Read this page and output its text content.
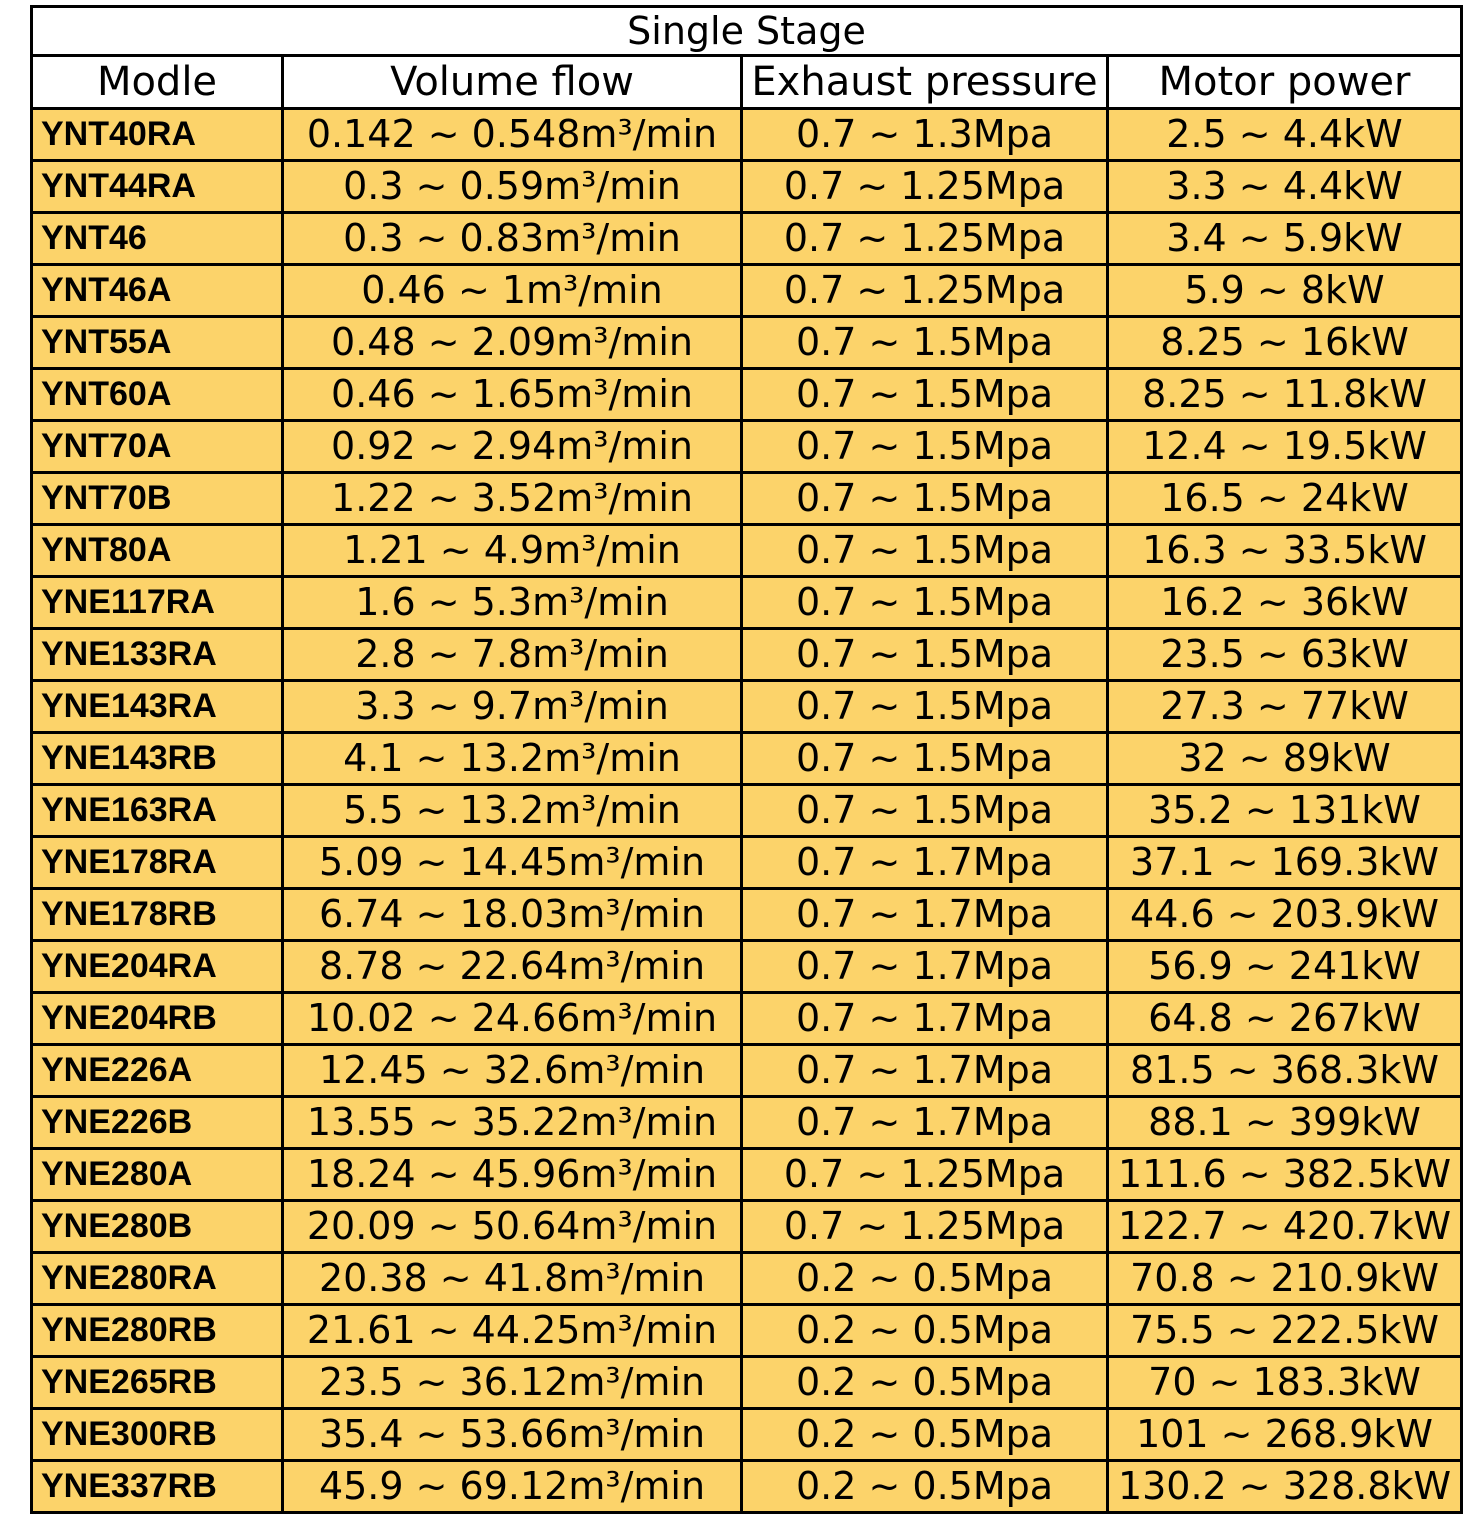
Single Stage			
Modle	Volume flow	Exhaust pressure	Motor power
YNT40RA	0.142 ~ 0.548m³/min	0.7 ~ 1.3Mpa	2.5 ~ 4.4kW
YNT44RA	0.3 ~ 0.59m³/min	0.7 ~ 1.25Mpa	3.3 ~ 4.4kW
YNT46	0.3 ~ 0.83m³/min	0.7 ~ 1.25Mpa	3.4 ~ 5.9kW
YNT46A	0.46 ~ 1m³/min	0.7 ~ 1.25Mpa	5.9 ~ 8kW
YNT55A	0.48 ~ 2.09m³/min	0.7 ~ 1.5Mpa	8.25 ~ 16kW
YNT60A	0.46 ~ 1.65m³/min	0.7 ~ 1.5Mpa	8.25 ~ 11.8kW
YNT70A	0.92 ~ 2.94m³/min	0.7 ~ 1.5Mpa	12.4 ~ 19.5kW
YNT70B	1.22 ~ 3.52m³/min	0.7 ~ 1.5Mpa	16.5 ~ 24kW
YNT80A	1.21 ~ 4.9m³/min	0.7 ~ 1.5Mpa	16.3 ~ 33.5kW
YNE117RA	1.6 ~ 5.3m³/min	0.7 ~ 1.5Mpa	16.2 ~ 36kW
YNE133RA	2.8 ~ 7.8m³/min	0.7 ~ 1.5Mpa	23.5 ~ 63kW
YNE143RA	3.3 ~ 9.7m³/min	0.7 ~ 1.5Mpa	27.3 ~ 77kW
YNE143RB	4.1 ~ 13.2m³/min	0.7 ~ 1.5Mpa	32 ~ 89kW
YNE163RA	5.5 ~ 13.2m³/min	0.7 ~ 1.5Mpa	35.2 ~ 131kW
YNE178RA	5.09 ~ 14.45m³/min	0.7 ~ 1.7Mpa	37.1 ~ 169.3kW
YNE178RB	6.74 ~ 18.03m³/min	0.7 ~ 1.7Mpa	44.6 ~ 203.9kW
YNE204RA	8.78 ~ 22.64m³/min	0.7 ~ 1.7Mpa	56.9 ~ 241kW
YNE204RB	10.02 ~ 24.66m³/min	0.7 ~ 1.7Mpa	64.8 ~ 267kW
YNE226A	12.45 ~ 32.6m³/min	0.7 ~ 1.7Mpa	81.5 ~ 368.3kW
YNE226B	13.55 ~ 35.22m³/min	0.7 ~ 1.7Mpa	88.1 ~ 399kW
YNE280A	18.24 ~ 45.96m³/min	0.7 ~ 1.25Mpa	111.6 ~ 382.5kW
YNE280B	20.09 ~ 50.64m³/min	0.7 ~ 1.25Mpa	122.7 ~ 420.7kW
YNE280RA	20.38 ~ 41.8m³/min	0.2 ~ 0.5Mpa	70.8 ~ 210.9kW
YNE280RB	21.61 ~ 44.25m³/min	0.2 ~ 0.5Mpa	75.5 ~ 222.5kW
YNE265RB	23.5 ~ 36.12m³/min	0.2 ~ 0.5Mpa	70 ~ 183.3kW
YNE300RB	35.4 ~ 53.66m³/min	0.2 ~ 0.5Mpa	101 ~ 268.9kW
YNE337RB	45.9 ~ 69.12m³/min	0.2 ~ 0.5Mpa	130.2 ~ 328.8kW
